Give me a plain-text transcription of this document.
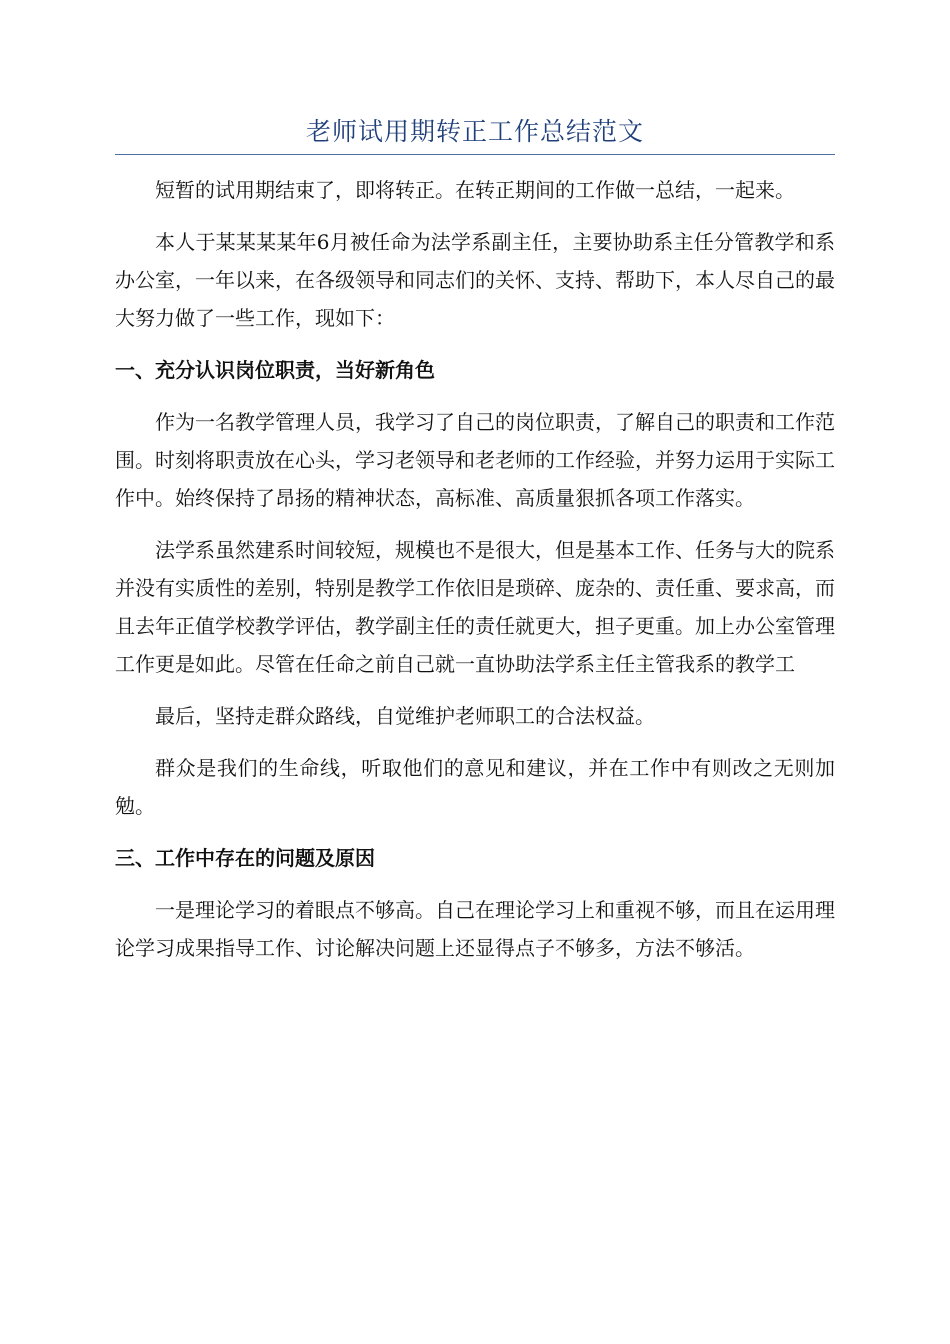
老师试用期转正工作总结范文

短暂的试用期结束了，即将转正。在转正期间的工作做一总结，一起来。

本人于某某某某年6月被任命为法学系副主任，主要协助系主任分管教学和系办公室，一年以来，在各级领导和同志们的关怀、支持、帮助下，本人尽自己的最大努力做了一些工作，现如下：

一、充分认识岗位职责，当好新角色

作为一名教学管理人员，我学习了自己的岗位职责，了解自己的职责和工作范围。时刻将职责放在心头，学习老领导和老老师的工作经验，并努力运用于实际工作中。始终保持了昂扬的精神状态，高标准、高质量狠抓各项工作落实。

法学系虽然建系时间较短，规模也不是很大，但是基本工作、任务与大的院系并没有实质性的差别，特别是教学工作依旧是琐碎、庞杂的、责任重、要求高，而且去年正值学校教学评估，教学副主任的责任就更大，担子更重。加上办公室管理工作更是如此。尽管在任命之前自己就一直协助法学系主任主管我系的教学工

最后，坚持走群众路线，自觉维护老师职工的合法权益。

群众是我们的生命线，听取他们的意见和建议，并在工作中有则改之无则加勉。

三、工作中存在的问题及原因

一是理论学习的着眼点不够高。自己在理论学习上和重视不够，而且在运用理论学习成果指导工作、讨论解决问题上还显得点子不够多，方法不够活。
